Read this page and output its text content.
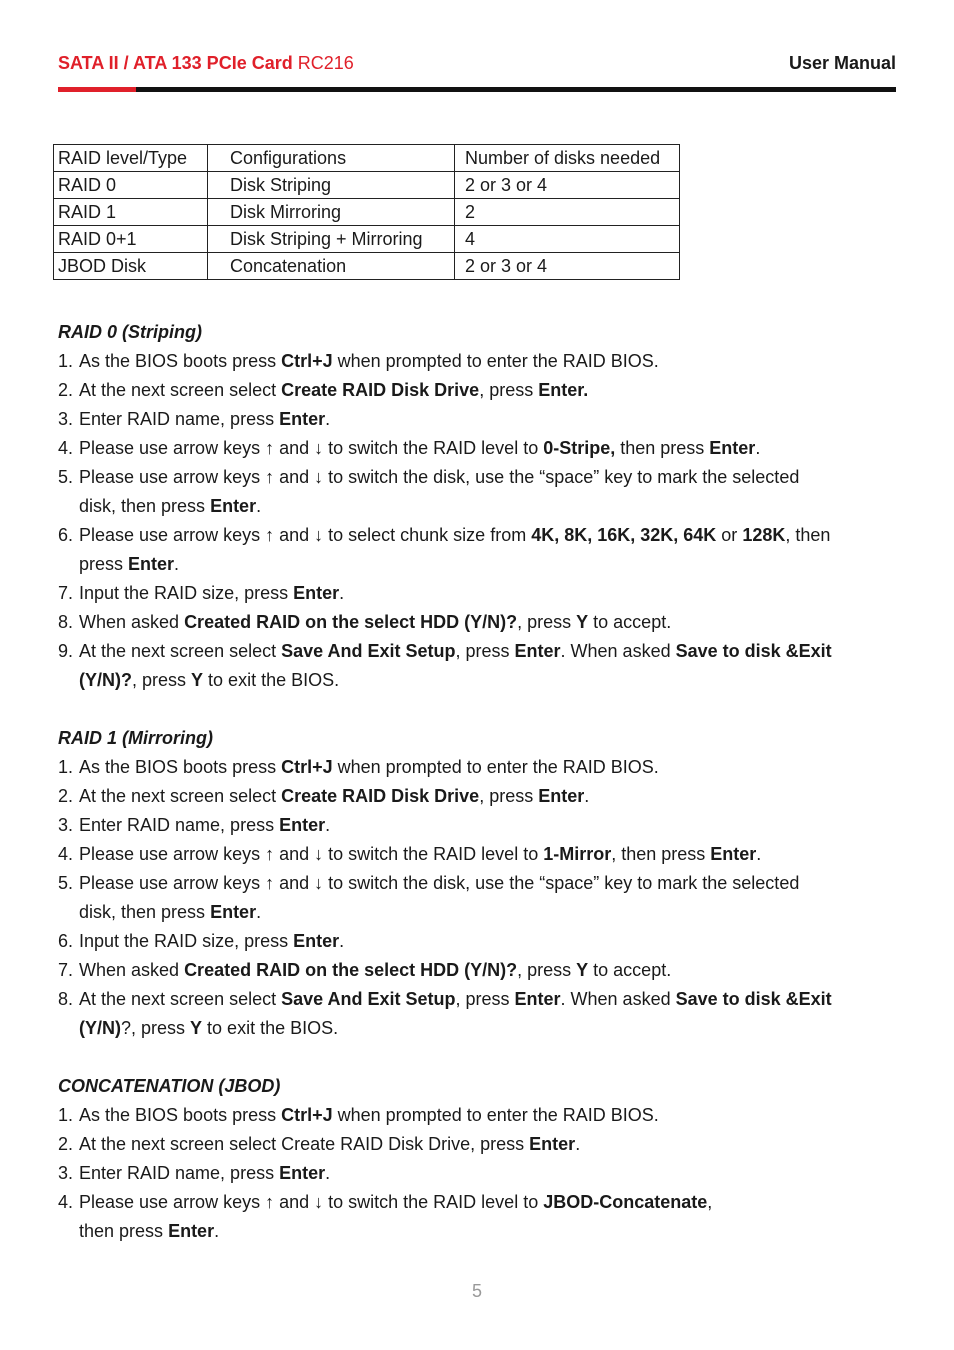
SATA II / ATA 133 PCIe Card RC216	User Manual
RAID level/Type	Configurations	Number of disks needed
RAID 0	Disk Striping	2 or 3 or 4
RAID 1	Disk Mirroring	2
RAID 0+1	Disk Striping + Mirroring	4
JBOD Disk	Concatenation	2 or 3 or 4
RAID 0 (Striping)
1. As the BIOS boots press Ctrl+J when prompted to enter the RAID BIOS.
2. At the next screen select Create RAID Disk Drive, press Enter.
3. Enter RAID name, press Enter.
4. Please use arrow keys ↑ and ↓ to switch the RAID level to 0-Stripe, then press Enter.
5. Please use arrow keys ↑ and ↓ to switch the disk, use the “space” key to mark the selected
disk, then press Enter.
6. Please use arrow keys ↑ and ↓ to select chunk size from 4K, 8K, 16K, 32K, 64K or 128K, then
press Enter.
7. Input the RAID size, press Enter.
8. When asked Created RAID on the select HDD (Y/N)?, press Y to accept.
9. At the next screen select Save And Exit Setup, press Enter. When asked Save to disk &Exit
(Y/N)?, press Y to exit the BIOS.
RAID 1 (Mirroring)
1. As the BIOS boots press Ctrl+J when prompted to enter the RAID BIOS.
2. At the next screen select Create RAID Disk Drive, press Enter.
3. Enter RAID name, press Enter.
4. Please use arrow keys ↑ and ↓ to switch the RAID level to 1-Mirror, then press Enter.
5. Please use arrow keys ↑ and ↓ to switch the disk, use the “space” key to mark the selected
disk, then press Enter.
6. Input the RAID size, press Enter.
7. When asked Created RAID on the select HDD (Y/N)?, press Y to accept.
8. At the next screen select Save And Exit Setup, press Enter. When asked Save to disk &Exit
(Y/N)?, press Y to exit the BIOS.
CONCATENATION (JBOD)
1. As the BIOS boots press Ctrl+J when prompted to enter the RAID BIOS.
2. At the next screen select Create RAID Disk Drive, press Enter.
3. Enter RAID name, press Enter.
4. Please use arrow keys ↑ and ↓ to switch the RAID level to JBOD-Concatenate,
then press Enter.
5
